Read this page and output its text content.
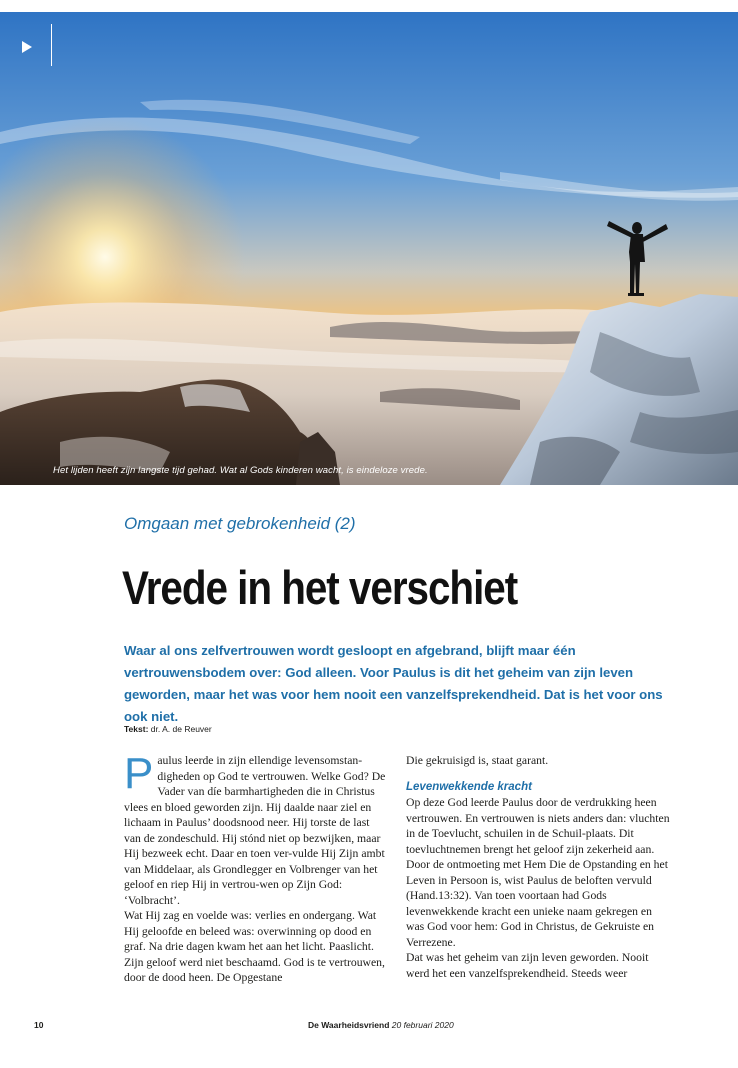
Het lijden heeft zijn langste tijd gehad. Wat al Gods kinderen wacht, is eindeloze vrede.
Omgaan met gebrokenheid (2)
Vrede in het verschiet
Waar al ons zelfvertrouwen wordt gesloopt en afgebrand, blijft maar één vertrouwensbodem over: God alleen. Voor Paulus is dit het geheim van zijn leven geworden, maar het was voor hem nooit een vanzelfsprekendheid. Dat is het voor ons ook niet.
Tekst: dr. A. de Reuver

Paulus leerde in zijn ellendige levensomstan-digheden op God te vertrouwen. Welke God? De Vader van díe barmhartigheden die in Christus vlees en bloed geworden zijn. Hij daalde naar ziel en lichaam in Paulus’ doodsnood neer. Hij torste de last van de zondeschuld. Hij stónd niet op bezwijken, maar Hij bezweek echt. Daar en toen ver-vulde Hij Zijn ambt van Middelaar, als Grondlegger en Volbrenger van het geloof en riep Hij in vertrou-wen op Zijn God: ‘Volbracht’.

Wat Hij zag en voelde was: verlies en ondergang. Wat Hij geloofde en beleed was: overwinning op dood en graf. Na drie dagen kwam het aan het licht. Paaslicht. Zijn geloof werd niet beschaamd. God is te vertrouwen, door de dood heen. De Opgestane

Die gekruisigd is, staat garant.

Levenwekkende kracht

Op deze God leerde Paulus door de verdrukking heen vertrouwen. En vertrouwen is niets anders dan: vluchten in de Toevlucht, schuilen in de Schuil-plaats. Dit toevluchtnemen brengt het geloof zijn zekerheid aan. Door de ontmoeting met Hem Die de Opstanding en het Leven in Persoon is, wist Paulus de beloften vervuld (Hand.13:32). Van toen voortaan had Gods levenwekkende kracht een unieke naam gekregen en was God voor hem: God in Christus, de Gekruiste en Verrezene.

Dat was het geheim van zijn leven geworden. Nooit werd het een vanzelfsprekendheid. Steeds weer

10	De Waarheidsvriend 20 februari 2020
